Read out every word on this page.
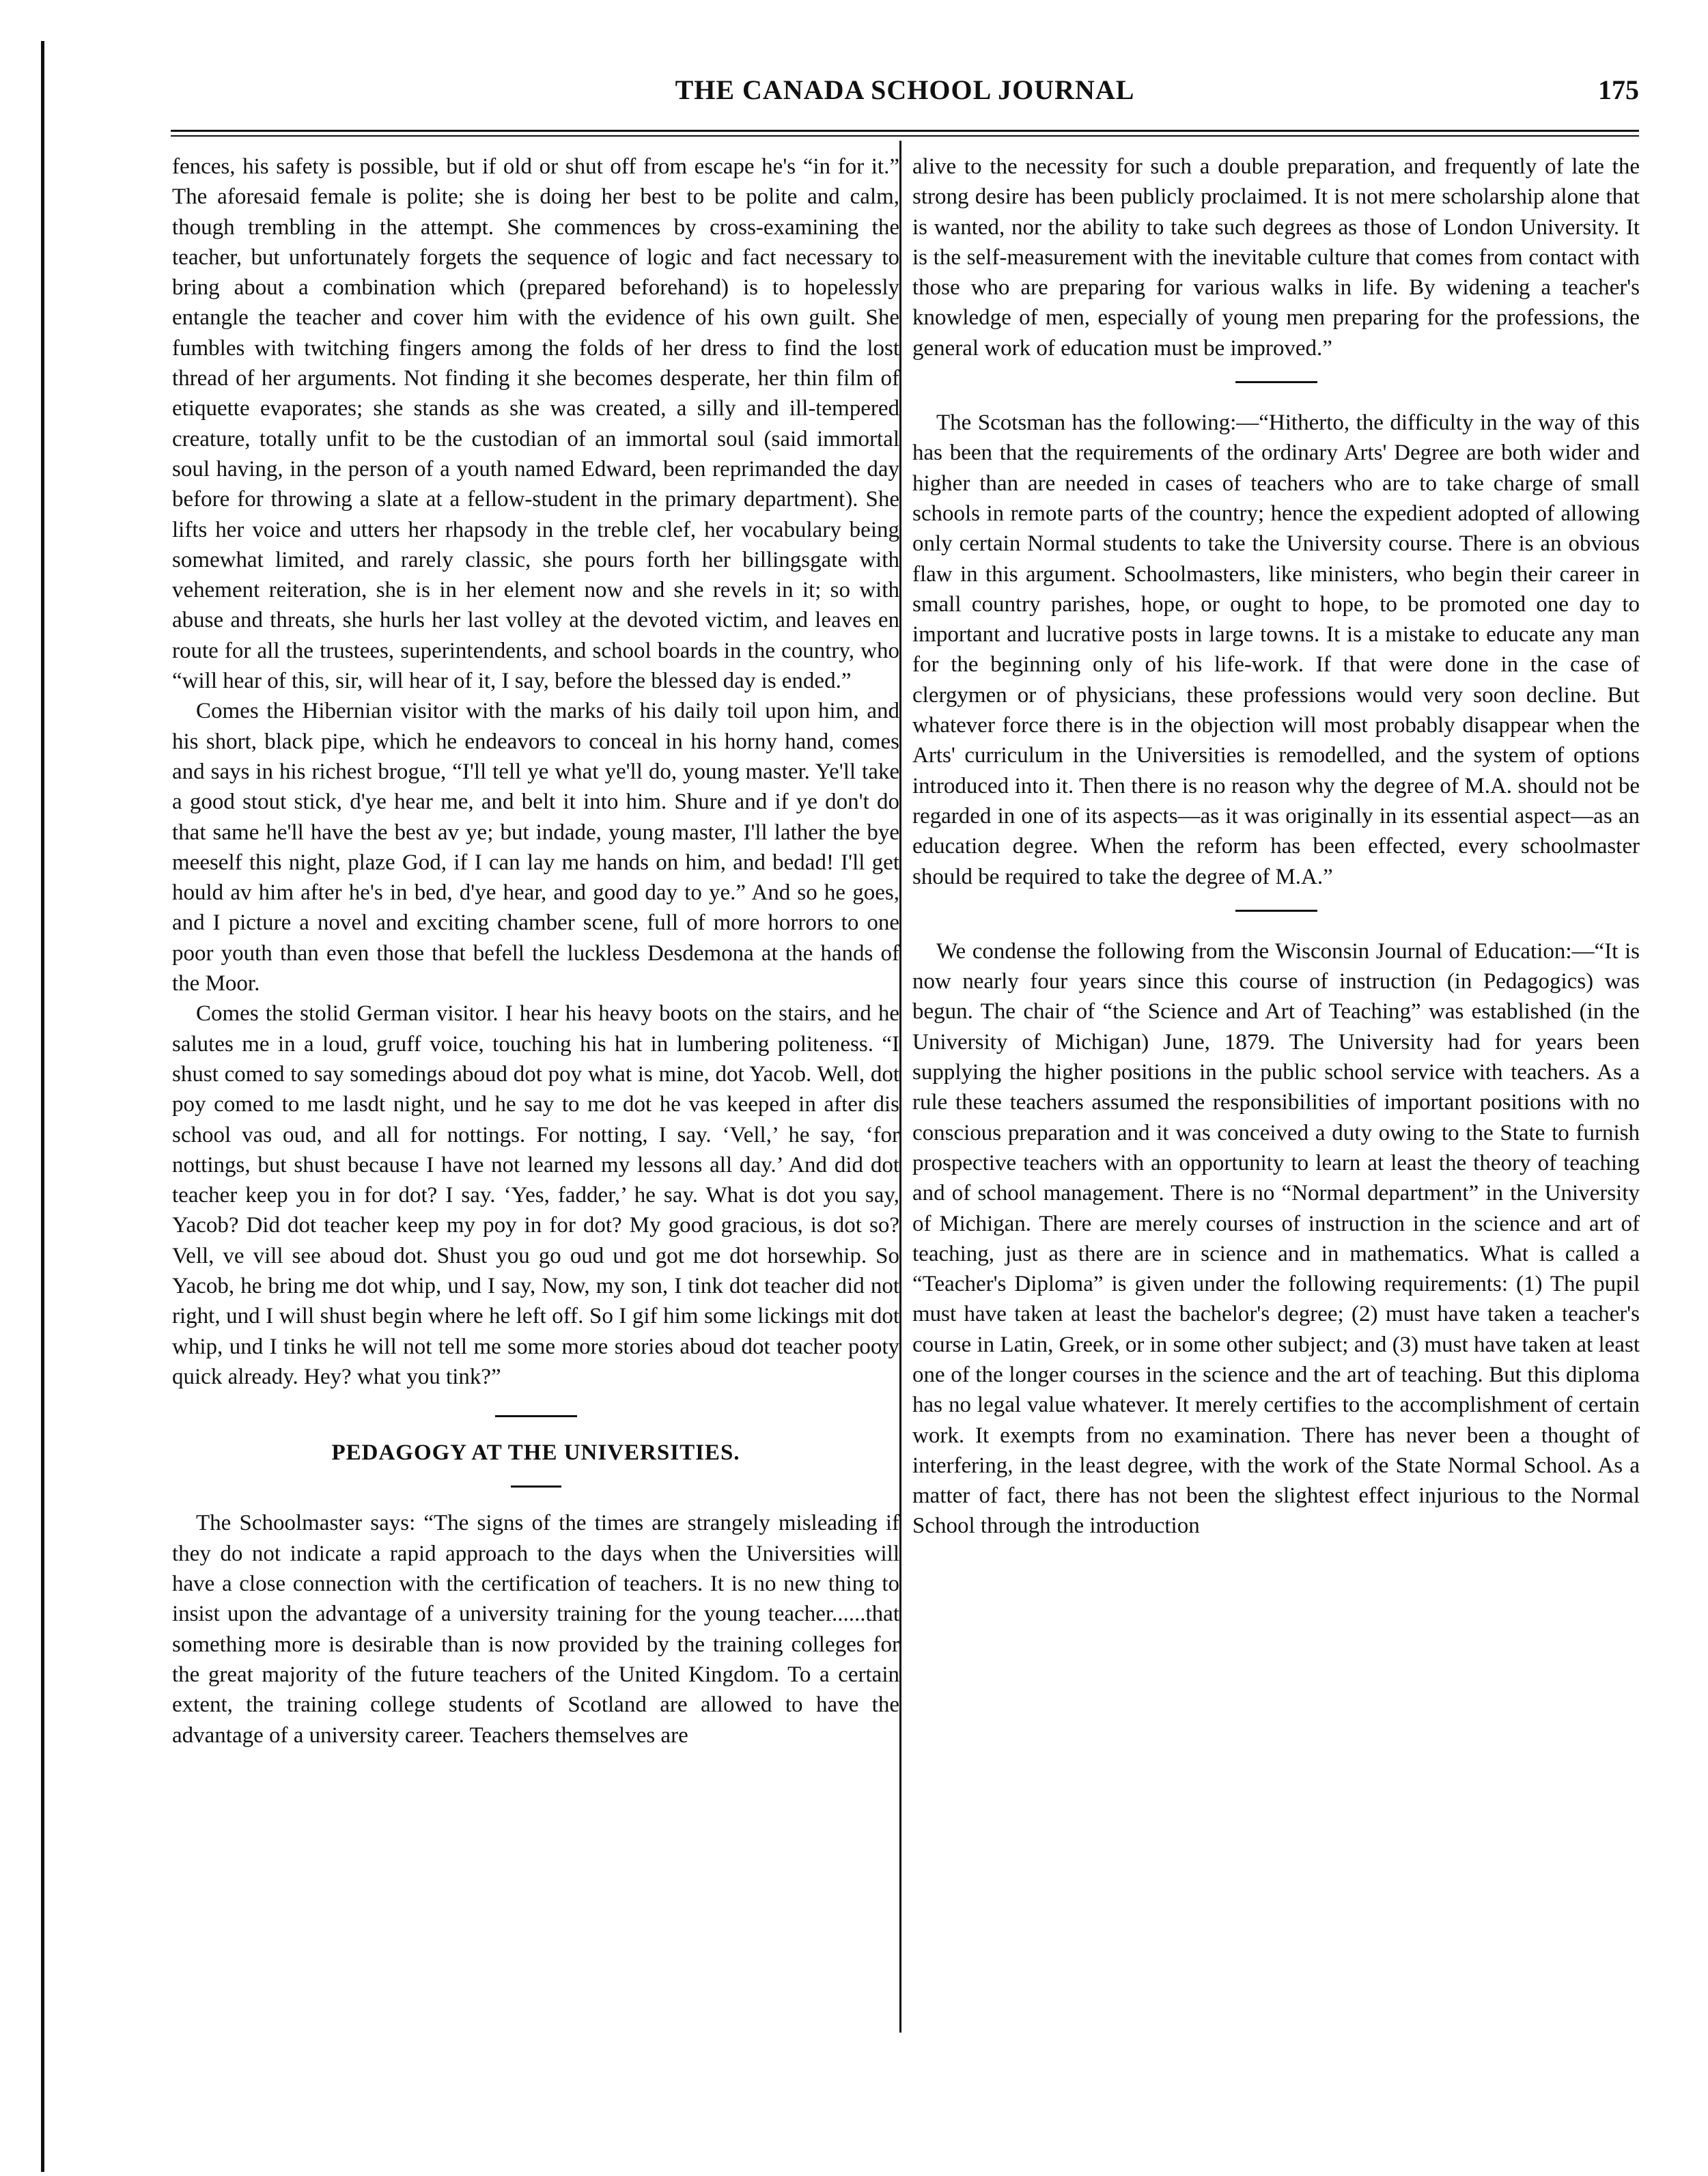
THE CANADA SCHOOL JOURNAL	175

fences, his safety is possible, but if old or shut off from escape he's “in for it.” The aforesaid female is polite; she is doing her best to be polite and calm, though trembling in the attempt. She commences by cross-examining the teacher, but unfortunately forgets the sequence of logic and fact necessary to bring about a combination which (prepared beforehand) is to hopelessly entangle the teacher and cover him with the evidence of his own guilt. She fumbles with twitching fingers among the folds of her dress to find the lost thread of her arguments. Not finding it she becomes desperate, her thin film of etiquette evaporates; she stands as she was created, a silly and ill-tempered creature, totally unfit to be the custodian of an immortal soul (said immortal soul having, in the person of a youth named Edward, been reprimanded the day before for throwing a slate at a fellow-student in the primary department). She lifts her voice and utters her rhapsody in the treble clef, her vocabulary being somewhat limited, and rarely classic, she pours forth her billingsgate with vehement reiteration, she is in her element now and she revels in it; so with abuse and threats, she hurls her last volley at the devoted victim, and leaves en route for all the trustees, superintendents, and school boards in the country, who “will hear of this, sir, will hear of it, I say, before the blessed day is ended.”

Comes the Hibernian visitor with the marks of his daily toil upon him, and his short, black pipe, which he endeavors to conceal in his horny hand, comes and says in his richest brogue, “I'll tell ye what ye'll do, young master. Ye'll take a good stout stick, d'ye hear me, and belt it into him. Shure and if ye don't do that same he'll have the best av ye; but indade, young master, I'll lather the bye meeself this night, plaze God, if I can lay me hands on him, and bedad! I'll get hould av him after he's in bed, d'ye hear, and good day to ye.” And so he goes, and I picture a novel and exciting chamber scene, full of more horrors to one poor youth than even those that befell the luckless Desdemona at the hands of the Moor.

Comes the stolid German visitor. I hear his heavy boots on the stairs, and he salutes me in a loud, gruff voice, touching his hat in lumbering politeness. “I shust comed to say somedings aboud dot poy what is mine, dot Yacob. Well, dot poy comed to me lasdt night, und he say to me dot he vas keeped in after dis school vas oud, and all for nottings. For notting, I say. ‘Vell,’ he say, ‘for nottings, but shust because I have not learned my lessons all day.’ And did dot teacher keep you in for dot? I say. ‘Yes, fadder,’ he say. What is dot you say, Yacob? Did dot teacher keep my poy in for dot? My good gracious, is dot so? Vell, ve vill see aboud dot. Shust you go oud und got me dot horsewhip. So Yacob, he bring me dot whip, und I say, Now, my son, I tink dot teacher did not right, und I will shust begin where he left off. So I gif him some lickings mit dot whip, und I tinks he will not tell me some more stories aboud dot teacher pooty quick already. Hey? what you tink?”

PEDAGOGY AT THE UNIVERSITIES.

The Schoolmaster says: “The signs of the times are strangely misleading if they do not indicate a rapid approach to the days when the Universities will have a close connection with the certification of teachers. It is no new thing to insist upon the advantage of a university training for the young teacher......that something more is desirable than is now provided by the training colleges for the great majority of the future teachers of the United Kingdom. To a certain extent, the training college students of Scotland are allowed to have the advantage of a university career. Teachers themselves are

alive to the necessity for such a double preparation, and frequently of late the strong desire has been publicly proclaimed. It is not mere scholarship alone that is wanted, nor the ability to take such degrees as those of London University. It is the self-measurement with the inevitable culture that comes from contact with those who are preparing for various walks in life. By widening a teacher's knowledge of men, especially of young men preparing for the professions, the general work of education must be improved.”

The Scotsman has the following:—“Hitherto, the difficulty in the way of this has been that the requirements of the ordinary Arts' Degree are both wider and higher than are needed in cases of teachers who are to take charge of small schools in remote parts of the country; hence the expedient adopted of allowing only certain Normal students to take the University course. There is an obvious flaw in this argument. Schoolmasters, like ministers, who begin their career in small country parishes, hope, or ought to hope, to be promoted one day to important and lucrative posts in large towns. It is a mistake to educate any man for the beginning only of his life-work. If that were done in the case of clergymen or of physicians, these professions would very soon decline. But whatever force there is in the objection will most probably disappear when the Arts' curriculum in the Universities is remodelled, and the system of options introduced into it. Then there is no reason why the degree of M.A. should not be regarded in one of its aspects—as it was originally in its essential aspect—as an education degree. When the reform has been effected, every schoolmaster should be required to take the degree of M.A.”

We condense the following from the Wisconsin Journal of Education:—“It is now nearly four years since this course of instruction (in Pedagogics) was begun. The chair of “the Science and Art of Teaching” was established (in the University of Michigan) June, 1879. The University had for years been supplying the higher positions in the public school service with teachers. As a rule these teachers assumed the responsibilities of important positions with no conscious preparation and it was conceived a duty owing to the State to furnish prospective teachers with an opportunity to learn at least the theory of teaching and of school management. There is no “Normal department” in the University of Michigan. There are merely courses of instruction in the science and art of teaching, just as there are in science and in mathematics. What is called a “Teacher's Diploma” is given under the following requirements: (1) The pupil must have taken at least the bachelor's degree; (2) must have taken a teacher's course in Latin, Greek, or in some other subject; and (3) must have taken at least one of the longer courses in the science and the art of teaching. But this diploma has no legal value whatever. It merely certifies to the accomplishment of certain work. It exempts from no examination. There has never been a thought of interfering, in the least degree, with the work of the State Normal School. As a matter of fact, there has not been the slightest effect injurious to the Normal School through the introduction
